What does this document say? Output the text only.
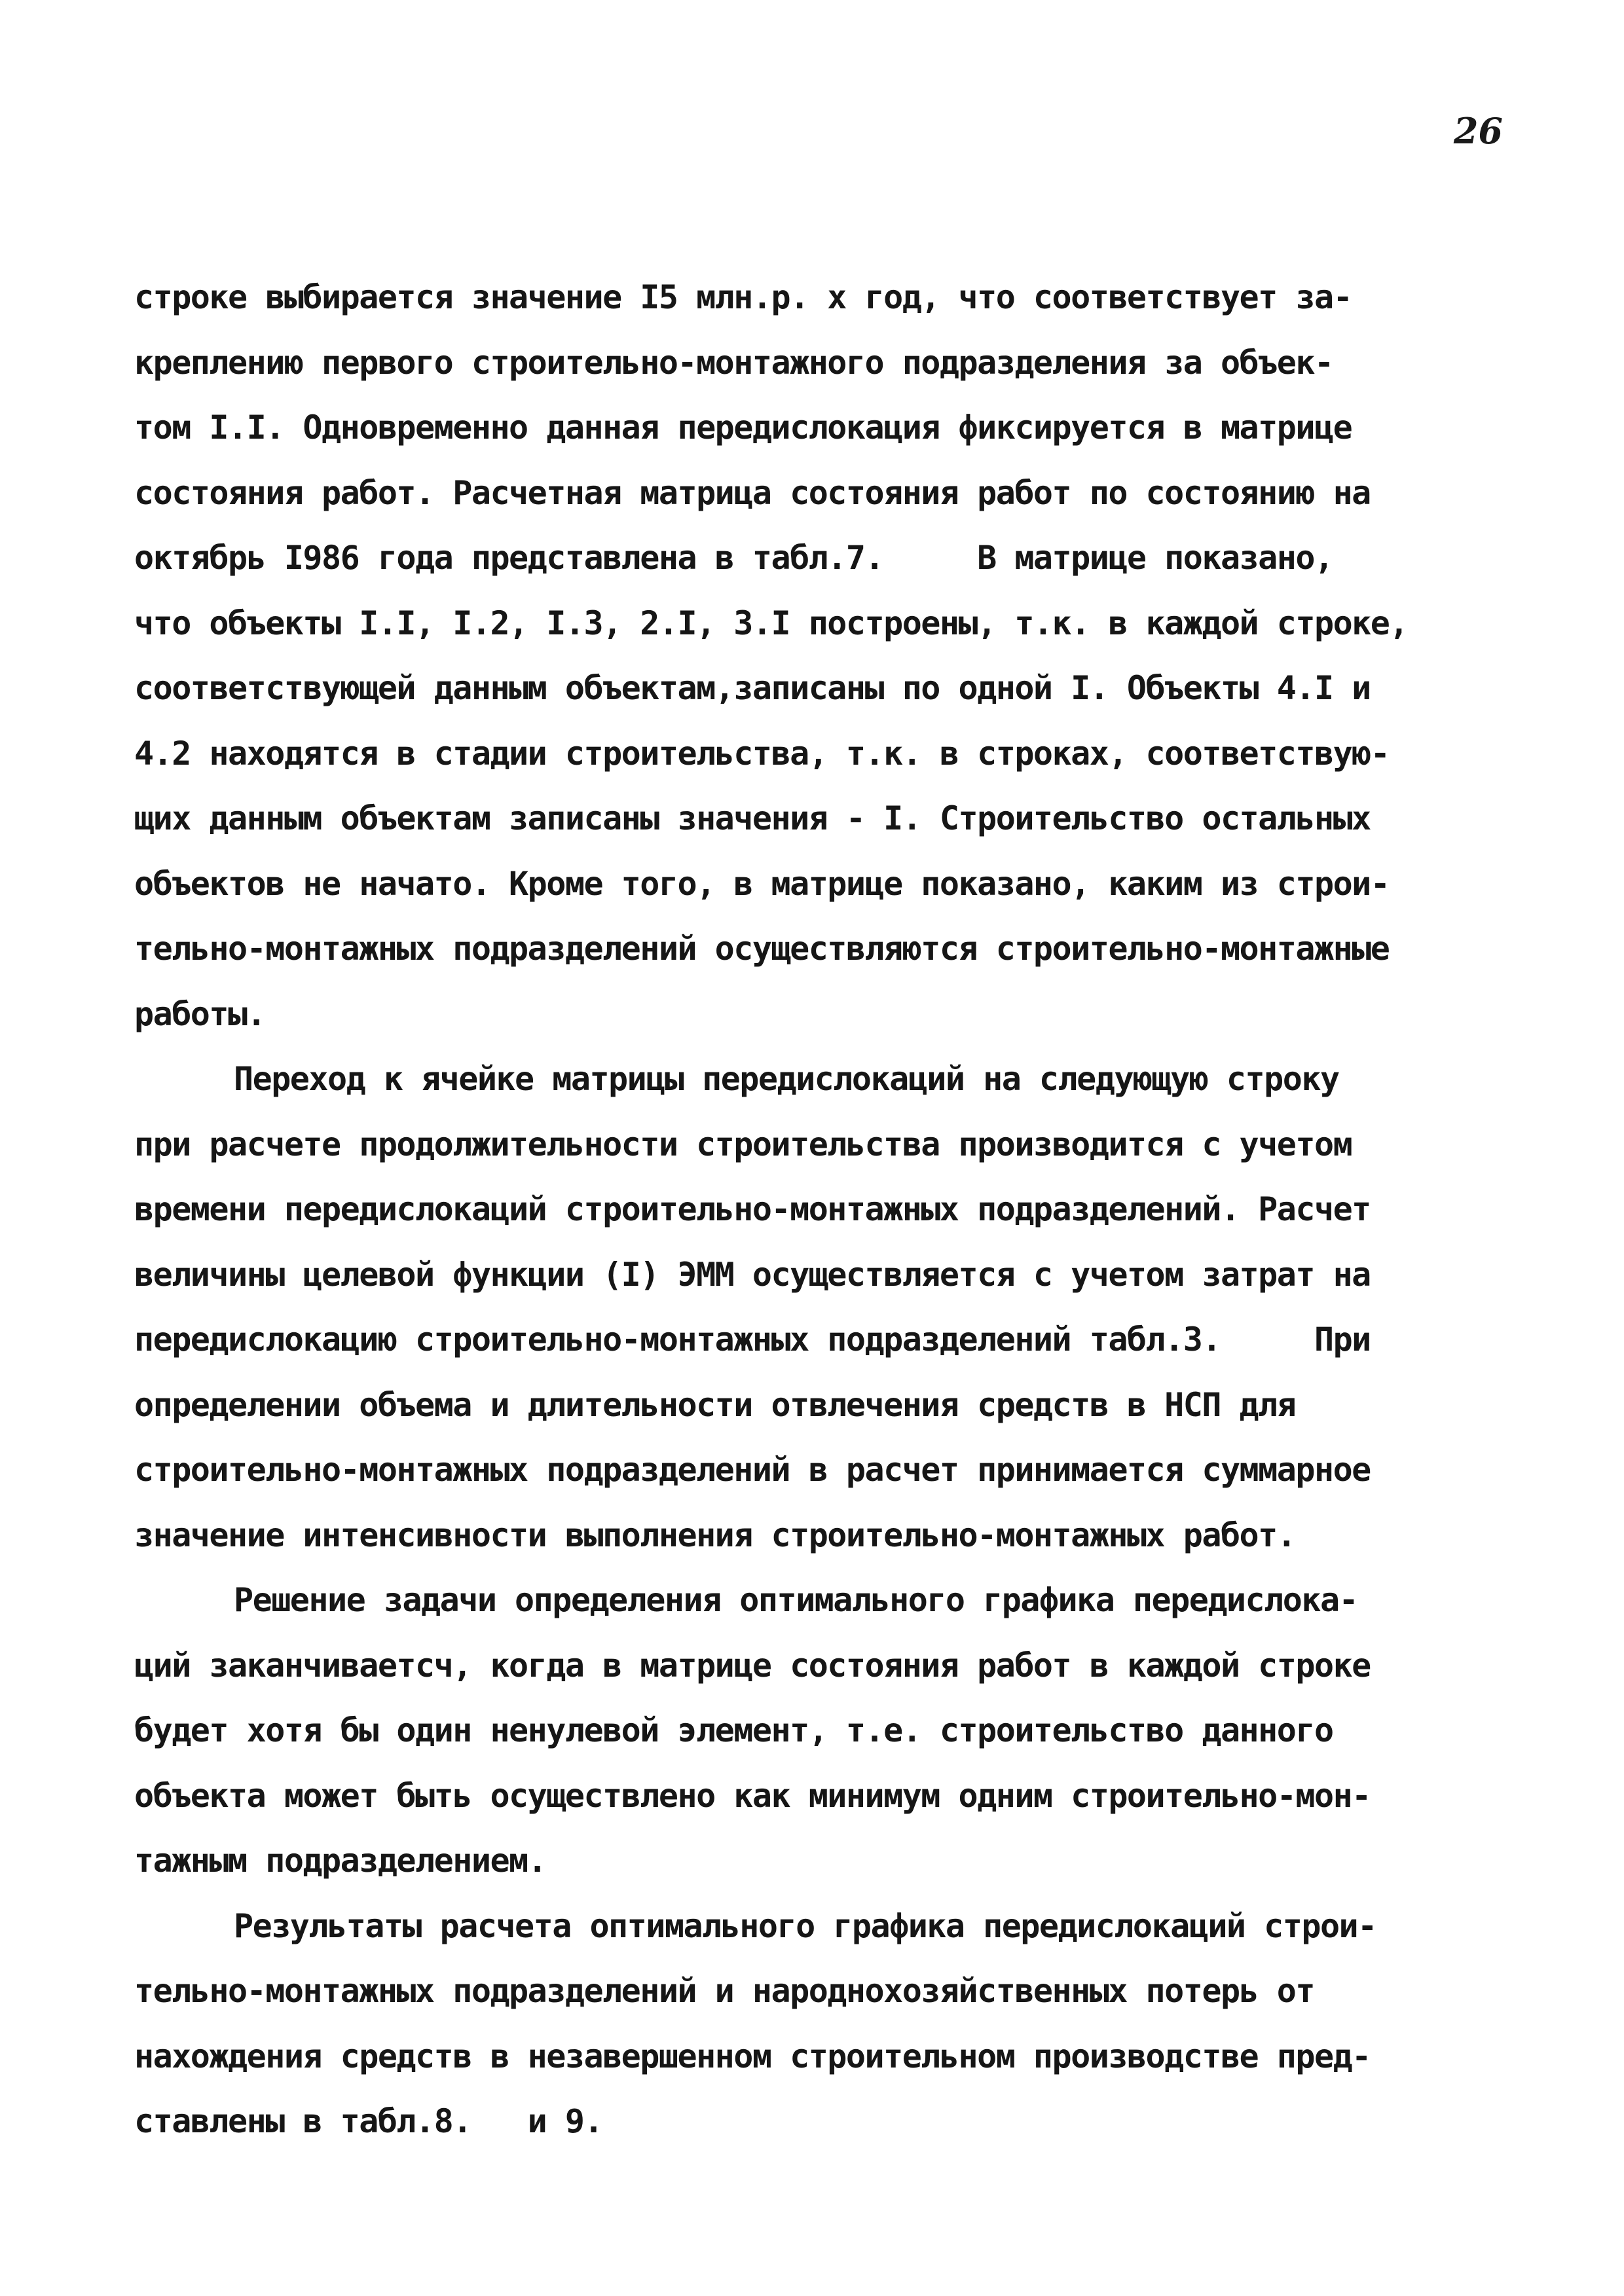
26
строке выбирается значение I5 млн.р. х год, что соответствует за-
креплению первого строительно-монтажного подразделения за объек-
том I.I. Одновременно данная передислокация фиксируется в матрице
состояния работ. Расчетная матрица состояния работ по состоянию на
октябрь I986 года представлена в табл.7.     В матрице показано,
что объекты I.I, I.2, I.3, 2.I, 3.I построены, т.к. в каждой строке,
соответствующей данным объектам,записаны по одной I. Объекты 4.I и
4.2 находятся в стадии строительства, т.к. в строках, соответствую-
щих данным объектам записаны значения - I. Строительство остальных
объектов не начато. Кроме того, в матрице показано, каким из строи-
тельно-монтажных подразделений осуществляются строительно-монтажные
работы.
Переход к ячейке матрицы передислокаций на следующую строку
при расчете продолжительности строительства производится с учетом
времени передислокаций строительно-монтажных подразделений. Расчет
величины целевой функции (I) ЭММ осуществляется с учетом затрат на
передислокацию строительно-монтажных подразделений табл.3.     При
определении объема и длительности отвлечения средств в НСП для
строительно-монтажных подразделений в расчет принимается суммарное
значение интенсивности выполнения строительно-монтажных работ.
Решение задачи определения оптимального графика передислока-
ций заканчиваетсч, когда в матрице состояния работ в каждой строке
будет хотя бы один ненулевой элемент, т.е. строительство данного
объекта может быть осуществлено как минимум одним строительно-мон-
тажным подразделением.
Результаты расчета оптимального графика передислокаций строи-
тельно-монтажных подразделений и народнохозяйственных потерь от
нахождения средств в незавершенном строительном производстве пред-
ставлены в табл.8.   и 9.
